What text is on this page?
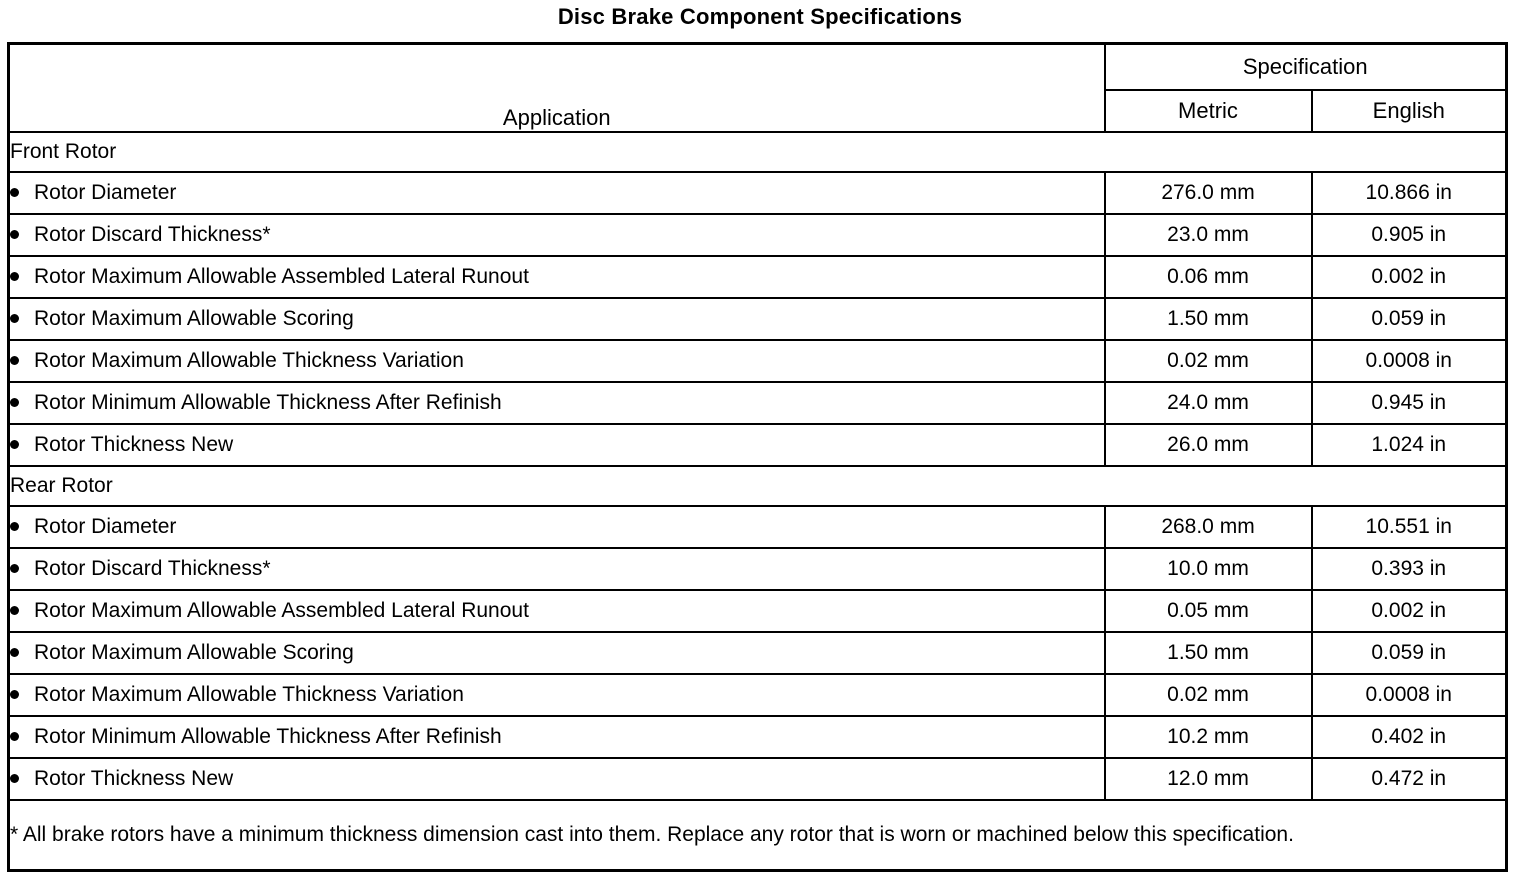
Disc Brake Component Specifications
Application	Specification	
	Metric	English
Front Rotor		
Rotor Diameter	276.0 mm	10.866 in
Rotor Discard Thickness*	23.0 mm	0.905 in
Rotor Maximum Allowable Assembled Lateral Runout	0.06 mm	0.002 in
Rotor Maximum Allowable Scoring	1.50 mm	0.059 in
Rotor Maximum Allowable Thickness Variation	0.02 mm	0.0008 in
Rotor Minimum Allowable Thickness After Refinish	24.0 mm	0.945 in
Rotor Thickness New	26.0 mm	1.024 in
Rear Rotor		
Rotor Diameter	268.0 mm	10.551 in
Rotor Discard Thickness*	10.0 mm	0.393 in
Rotor Maximum Allowable Assembled Lateral Runout	0.05 mm	0.002 in
Rotor Maximum Allowable Scoring	1.50 mm	0.059 in
Rotor Maximum Allowable Thickness Variation	0.02 mm	0.0008 in
Rotor Minimum Allowable Thickness After Refinish	10.2 mm	0.402 in
Rotor Thickness New	12.0 mm	0.472 in
* All brake rotors have a minimum thickness dimension cast into them. Replace any rotor that is worn or machined below this specification.		
